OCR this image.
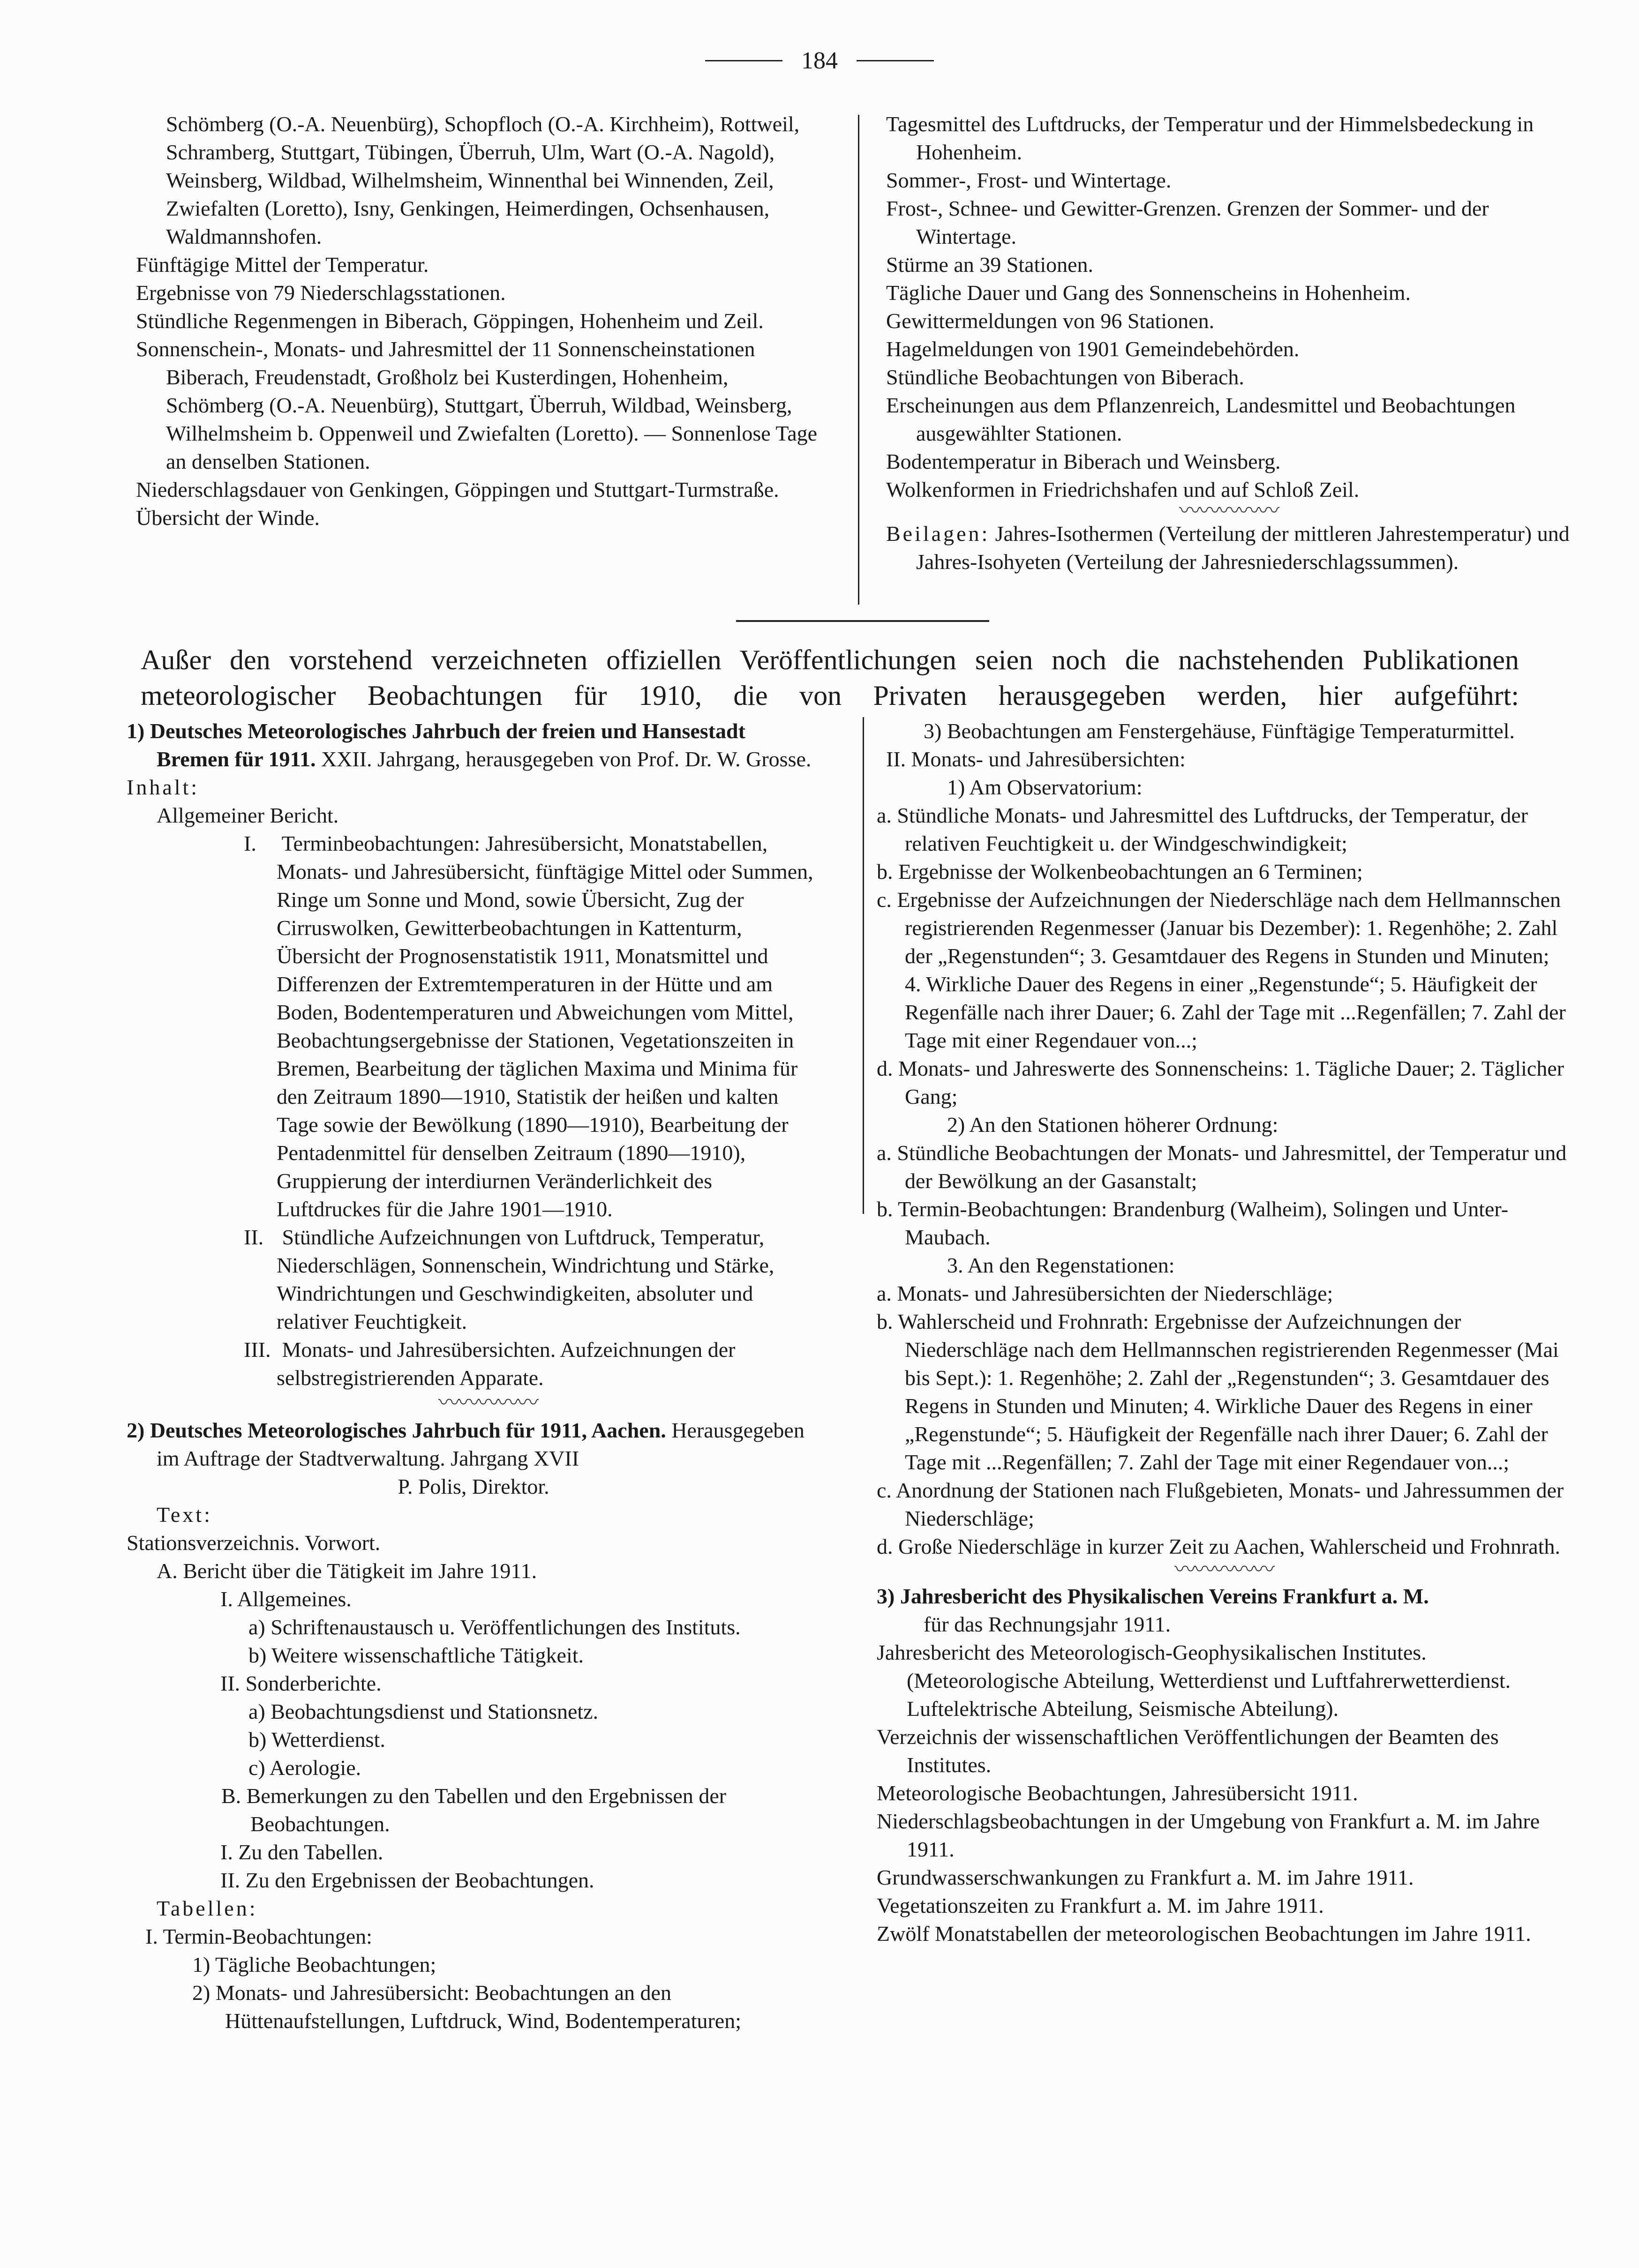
184

Schömberg (O.-A. Neuenbürg), Schopfloch (O.-A. Kirchheim), Rottweil, Schramberg, Stuttgart, Tübingen, Überruh, Ulm, Wart (O.-A. Nagold), Weinsberg, Wildbad, Wilhelmsheim, Winnenthal bei Winnenden, Zeil, Zwiefalten (Loretto), Isny, Genkingen, Heimerdingen, Ochsenhausen, Waldmannshofen.

Fünftägige Mittel der Temperatur.

Ergebnisse von 79 Niederschlagsstationen.

Stündliche Regenmengen in Biberach, Göppingen, Hohenheim und Zeil.

Sonnenschein-, Monats- und Jahresmittel der 11 Sonnenscheinstationen Biberach, Freudenstadt, Großholz bei Kusterdingen, Hohenheim, Schömberg (O.-A. Neuenbürg), Stuttgart, Überruh, Wildbad, Weinsberg, Wilhelmsheim b. Oppenweil und Zwiefalten (Loretto). — Sonnenlose Tage an denselben Stationen.

Niederschlagsdauer von Genkingen, Göppingen und Stuttgart-Turmstraße.

Übersicht der Winde.

Tagesmittel des Luftdrucks, der Temperatur und der Himmelsbedeckung in Hohenheim.

Sommer-, Frost- und Wintertage.

Frost-, Schnee- und Gewitter-Grenzen. Grenzen der Sommer- und der Wintertage.

Stürme an 39 Stationen.

Tägliche Dauer und Gang des Sonnenscheins in Hohenheim.

Gewittermeldungen von 96 Stationen.

Hagelmeldungen von 1901 Gemeindebehörden.

Stündliche Beobachtungen von Biberach.

Erscheinungen aus dem Pflanzenreich, Landesmittel und Beobachtungen ausgewählter Stationen.

Bodentemperatur in Biberach und Weinsberg.

Wolkenformen in Friedrichshafen und auf Schloß Zeil.

〰〰〰〰〰

Beilagen: Jahres-Isothermen (Verteilung der mittleren Jahrestemperatur) und Jahres-Isohyeten (Verteilung der Jahresniederschlagssummen).

Außer den vorstehend verzeichneten offiziellen Veröffentlichungen seien noch die nachstehenden Publikationen
meteorologischer Beobachtungen für 1910, die von Privaten herausgegeben werden, hier aufgeführt:

1) Deutsches Meteorologisches Jahrbuch der freien und Hansestadt Bremen für 1911. XXII. Jahrgang, herausgegeben von Prof. Dr. W. Grosse.

Inhalt:

Allgemeiner Bericht.

I. Terminbeobachtungen: Jahresübersicht, Monatstabellen, Monats- und Jahresübersicht, fünftägige Mittel oder Summen, Ringe um Sonne und Mond, sowie Übersicht, Zug der Cirruswolken, Gewitterbeobachtungen in Kattenturm, Übersicht der Prognosenstatistik 1911, Monatsmittel und Differenzen der Extremtemperaturen in der Hütte und am Boden, Bodentemperaturen und Abweichungen vom Mittel, Beobachtungsergebnisse der Stationen, Vegetationszeiten in Bremen, Bearbeitung der täglichen Maxima und Minima für den Zeitraum 1890—1910, Statistik der heißen und kalten Tage sowie der Bewölkung (1890—1910), Bearbeitung der Pentadenmittel für denselben Zeitraum (1890—1910), Gruppierung der interdiurnen Veränderlichkeit des Luftdruckes für die Jahre 1901—1910.

II. Stündliche Aufzeichnungen von Luftdruck, Temperatur, Niederschlägen, Sonnenschein, Windrichtung und Stärke, Windrichtungen und Geschwindigkeiten, absoluter und relativer Feuchtigkeit.

III. Monats- und Jahresübersichten. Aufzeichnungen der selbstregistrierenden Apparate.

〰〰〰〰〰

2) Deutsches Meteorologisches Jahrbuch für 1911, Aachen. Herausgegeben im Auftrage der Stadtverwaltung. Jahrgang XVII

P. Polis, Direktor.

Text:

Stationsverzeichnis. Vorwort.

A. Bericht über die Tätigkeit im Jahre 1911.

I. Allgemeines.

a) Schriftenaustausch u. Veröffentlichungen des Instituts.

b) Weitere wissenschaftliche Tätigkeit.

II. Sonderberichte.

a) Beobachtungsdienst und Stationsnetz.

b) Wetterdienst.

c) Aerologie.

B. Bemerkungen zu den Tabellen und den Ergebnissen der Beobachtungen.

I. Zu den Tabellen.

II. Zu den Ergebnissen der Beobachtungen.

Tabellen:

I. Termin-Beobachtungen:

1) Tägliche Beobachtungen;

2) Monats- und Jahresübersicht: Beobachtungen an den Hüttenaufstellungen, Luftdruck, Wind, Bodentemperaturen;

3) Beobachtungen am Fenstergehäuse, Fünftägige Temperaturmittel.

II. Monats- und Jahresübersichten:

1) Am Observatorium:

a. Stündliche Monats- und Jahresmittel des Luftdrucks, der Temperatur, der relativen Feuchtigkeit u. der Windgeschwindigkeit;

b. Ergebnisse der Wolkenbeobachtungen an 6 Terminen;

c. Ergebnisse der Aufzeichnungen der Niederschläge nach dem Hellmannschen registrierenden Regenmesser (Januar bis Dezember): 1. Regenhöhe; 2. Zahl der „Regenstunden“; 3. Gesamtdauer des Regens in Stunden und Minuten; 4. Wirkliche Dauer des Regens in einer „Regenstunde“; 5. Häufigkeit der Regenfälle nach ihrer Dauer; 6. Zahl der Tage mit ...Regenfällen; 7. Zahl der Tage mit einer Regendauer von...;

d. Monats- und Jahreswerte des Sonnenscheins: 1. Tägliche Dauer; 2. Täglicher Gang;

2) An den Stationen höherer Ordnung:

a. Stündliche Beobachtungen der Monats- und Jahresmittel, der Temperatur und der Bewölkung an der Gasanstalt;

b. Termin-Beobachtungen: Brandenburg (Walheim), Solingen und Unter-Maubach.

3. An den Regenstationen:

a. Monats- und Jahresübersichten der Niederschläge;

b. Wahlerscheid und Frohnrath: Ergebnisse der Aufzeichnungen der Niederschläge nach dem Hellmannschen registrierenden Regenmesser (Mai bis Sept.): 1. Regenhöhe; 2. Zahl der „Regenstunden“; 3. Gesamtdauer des Regens in Stunden und Minuten; 4. Wirkliche Dauer des Regens in einer „Regenstunde“; 5. Häufigkeit der Regenfälle nach ihrer Dauer; 6. Zahl der Tage mit ...Regenfällen; 7. Zahl der Tage mit einer Regendauer von...;

c. Anordnung der Stationen nach Flußgebieten, Monats- und Jahressummen der Niederschläge;

d. Große Niederschläge in kurzer Zeit zu Aachen, Wahlerscheid und Frohnrath.

〰〰〰〰〰

3) Jahresbericht des Physikalischen Vereins Frankfurt a. M.

für das Rechnungsjahr 1911.

Jahresbericht des Meteorologisch-Geophysikalischen Institutes. (Meteorologische Abteilung, Wetterdienst und Luftfahrerwetterdienst. Luftelektrische Abteilung, Seismische Abteilung).

Verzeichnis der wissenschaftlichen Veröffentlichungen der Beamten des Institutes.

Meteorologische Beobachtungen, Jahresübersicht 1911.

Niederschlagsbeobachtungen in der Umgebung von Frankfurt a. M. im Jahre 1911.

Grundwasserschwankungen zu Frankfurt a. M. im Jahre 1911.

Vegetationszeiten zu Frankfurt a. M. im Jahre 1911.

Zwölf Monatstabellen der meteorologischen Beobachtungen im Jahre 1911.
